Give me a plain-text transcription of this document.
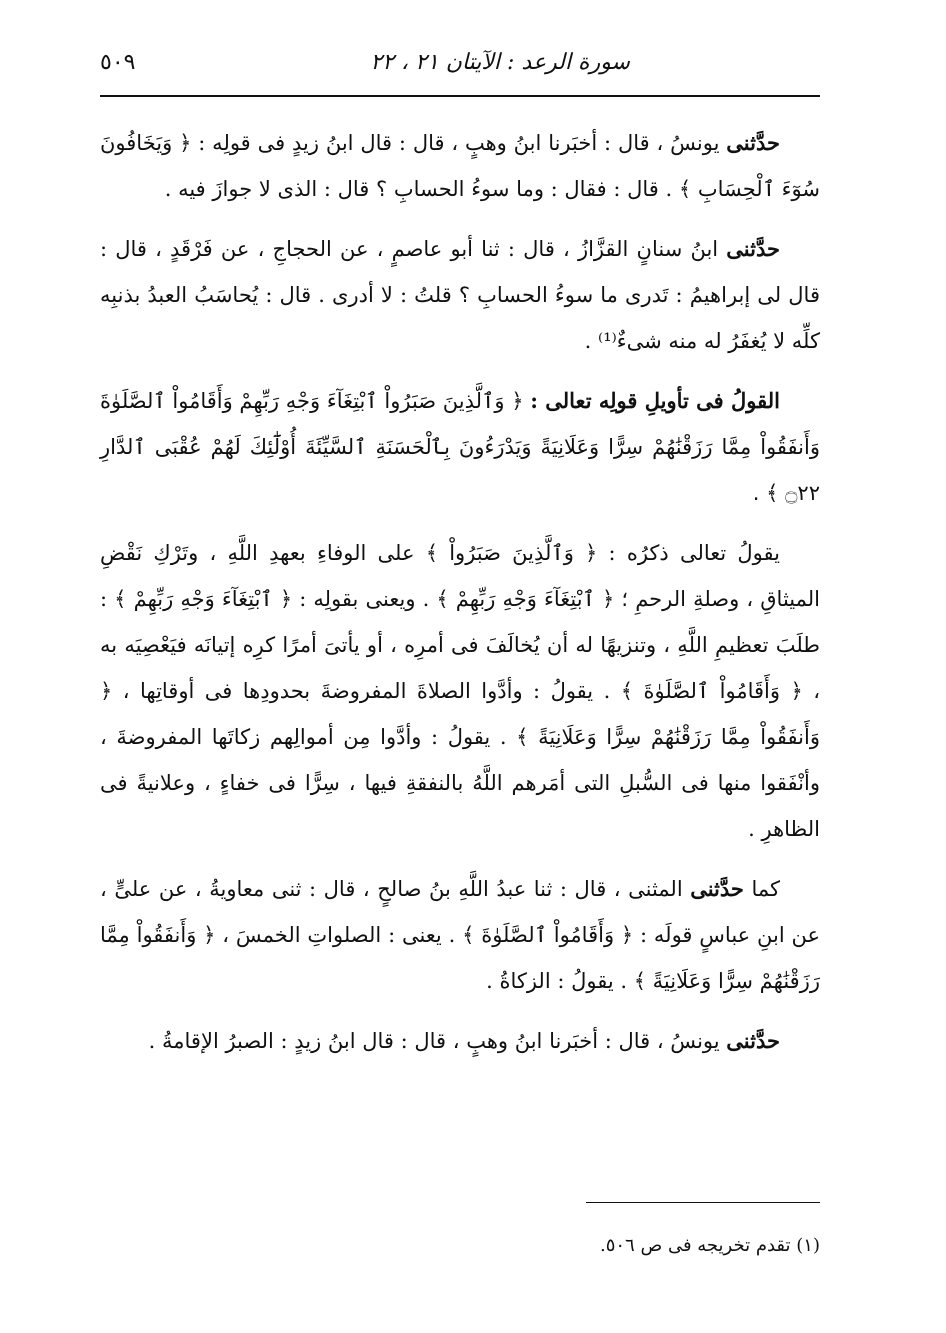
سورة الرعد : الآيتان ٢١ ، ٢٢
٥٠٩

حدَّثنى يونسُ ، قال : أخبَرنا ابنُ وهبٍ ، قال : قال ابنُ زيدٍ فى قولِه : ﴿ وَيَخَافُونَ سُوٓءَ ٱلْحِسَابِ ﴾ . قال : فقال : وما سوءُ الحسابِ ؟ قال : الذى لا جوازَ فيه .

حدَّثنى ابنُ سنانٍ القزَّازُ ، قال : ثنا أبو عاصمٍ ، عن الحجاجِ ، عن فَرْقَدٍ ، قال : قال لى إبراهيمُ : تَدرى ما سوءُ الحسابِ ؟ قلتُ : لا أدرى . قال : يُحاسَبُ العبدُ بذنبِه كلِّه لا يُغفَرُ له منه شىءٌ⁽¹⁾ .

القولُ فى تأويلِ قولِه تعالى : ﴿ وَٱلَّذِينَ صَبَرُواْ ٱبْتِغَآءَ وَجْهِ رَبِّهِمْ وَأَقَامُواْ ٱلصَّلَوٰةَ وَأَنفَقُواْ مِمَّا رَزَقْنَٰهُمْ سِرًّا وَعَلَانِيَةً وَيَدْرَءُونَ بِٱلْحَسَنَةِ ٱلسَّيِّئَةَ أُوْلَٰٓئِكَ لَهُمْ عُقْبَى ٱلدَّارِ ۝٢٢ ﴾ .

يقولُ تعالى ذكرُه : ﴿ وَٱلَّذِينَ صَبَرُواْ ﴾ على الوفاءِ بعهدِ اللَّهِ ، وتَرْكِ نَقْضِ الميثاقِ ، وصلةِ الرحمِ ؛ ﴿ ٱبْتِغَآءَ وَجْهِ رَبِّهِمْ ﴾ . ويعنى بقولِه : ﴿ ٱبْتِغَآءَ وَجْهِ رَبِّهِمْ ﴾ : طلَبَ تعظيمِ اللَّهِ ، وتنزيهًا له أن يُخالَفَ فى أمرِه ، أو يأتىَ أمرًا كرِه إتيانَه فيَعْصِيَه به ، ﴿ وَأَقَامُواْ ٱلصَّلَوٰةَ ﴾ . يقولُ : وأدَّوا الصلاةَ المفروضةَ بحدودِها فى أوقاتِها ، ﴿ وَأَنفَقُواْ مِمَّا رَزَقْنَٰهُمْ سِرًّا وَعَلَانِيَةً ﴾ . يقولُ : وأدَّوا مِن أموالِهم زكاتَها المفروضةَ ، وأنْفَقوا منها فى السُّبلِ التى أمَرهم اللَّهُ بالنفقةِ فيها ، سِرًّا فى خفاءٍ ، وعلانيةً فى الظاهرِ .

كما حدَّثنى المثنى ، قال : ثنا عبدُ اللَّهِ بنُ صالحٍ ، قال : ثنى معاويةُ ، عن علىٍّ ، عن ابنِ عباسٍ قولَه : ﴿ وَأَقَامُواْ ٱلصَّلَوٰةَ ﴾ . يعنى : الصلواتِ الخمسَ ، ﴿ وَأَنفَقُواْ مِمَّا رَزَقْنَٰهُمْ سِرًّا وَعَلَانِيَةً ﴾ . يقولُ : الزكاةُ .

حدَّثنى يونسُ ، قال : أخبَرنا ابنُ وهبٍ ، قال : قال ابنُ زيدٍ : الصبرُ الإقامةُ .

(١) تقدم تخريجه فى ص ٥٠٦.
